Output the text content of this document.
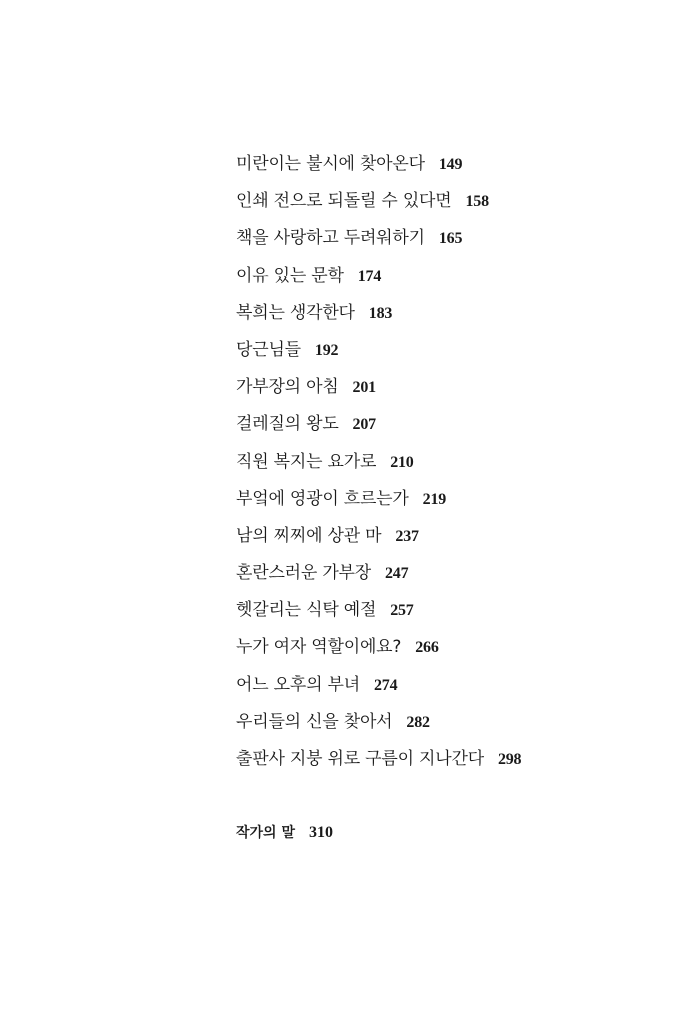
미란이는 불시에 찾아온다 149
인쇄 전으로 되돌릴 수 있다면 158
책을 사랑하고 두려워하기 165
이유 있는 문학 174
복희는 생각한다 183
당근님들 192
가부장의 아침 201
걸레질의 왕도 207
직원 복지는 요가로 210
부엌에 영광이 흐르는가 219
남의 찌찌에 상관 마 237
혼란스러운 가부장 247
헷갈리는 식탁 예절 257
누가 여자 역할이에요? 266
어느 오후의 부녀 274
우리들의 신을 찾아서 282
출판사 지붕 위로 구름이 지나간다 298
작가의 말 310
